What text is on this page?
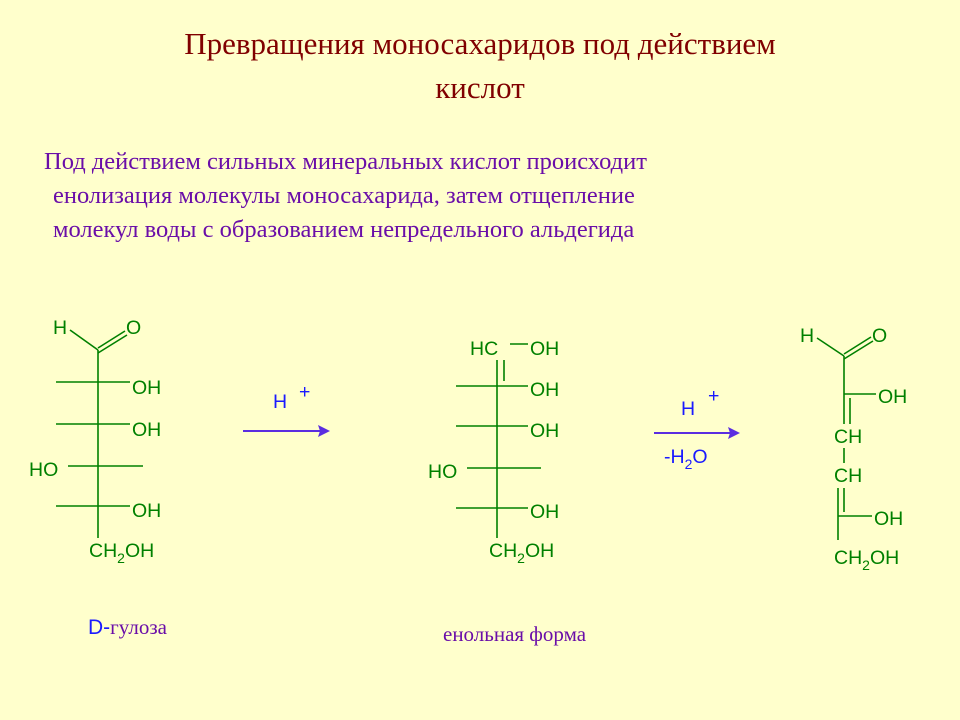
Превращения моносахаридов под действием
кислот
Под действием сильных минеральных кислот происходит
енолизация молекулы моносахарида, затем отщепление
молекул воды с образованием непредельного альдегида
H	O
OH
OH
HO
OH
$CH_2OH$
D-гулоза
H +
HC OH
OH
OH
HO
OH
$CH_2OH$
енольная форма
H
+
$-H_2O$
H	O
OH
CH
CH
OH
$CH_2OH$
